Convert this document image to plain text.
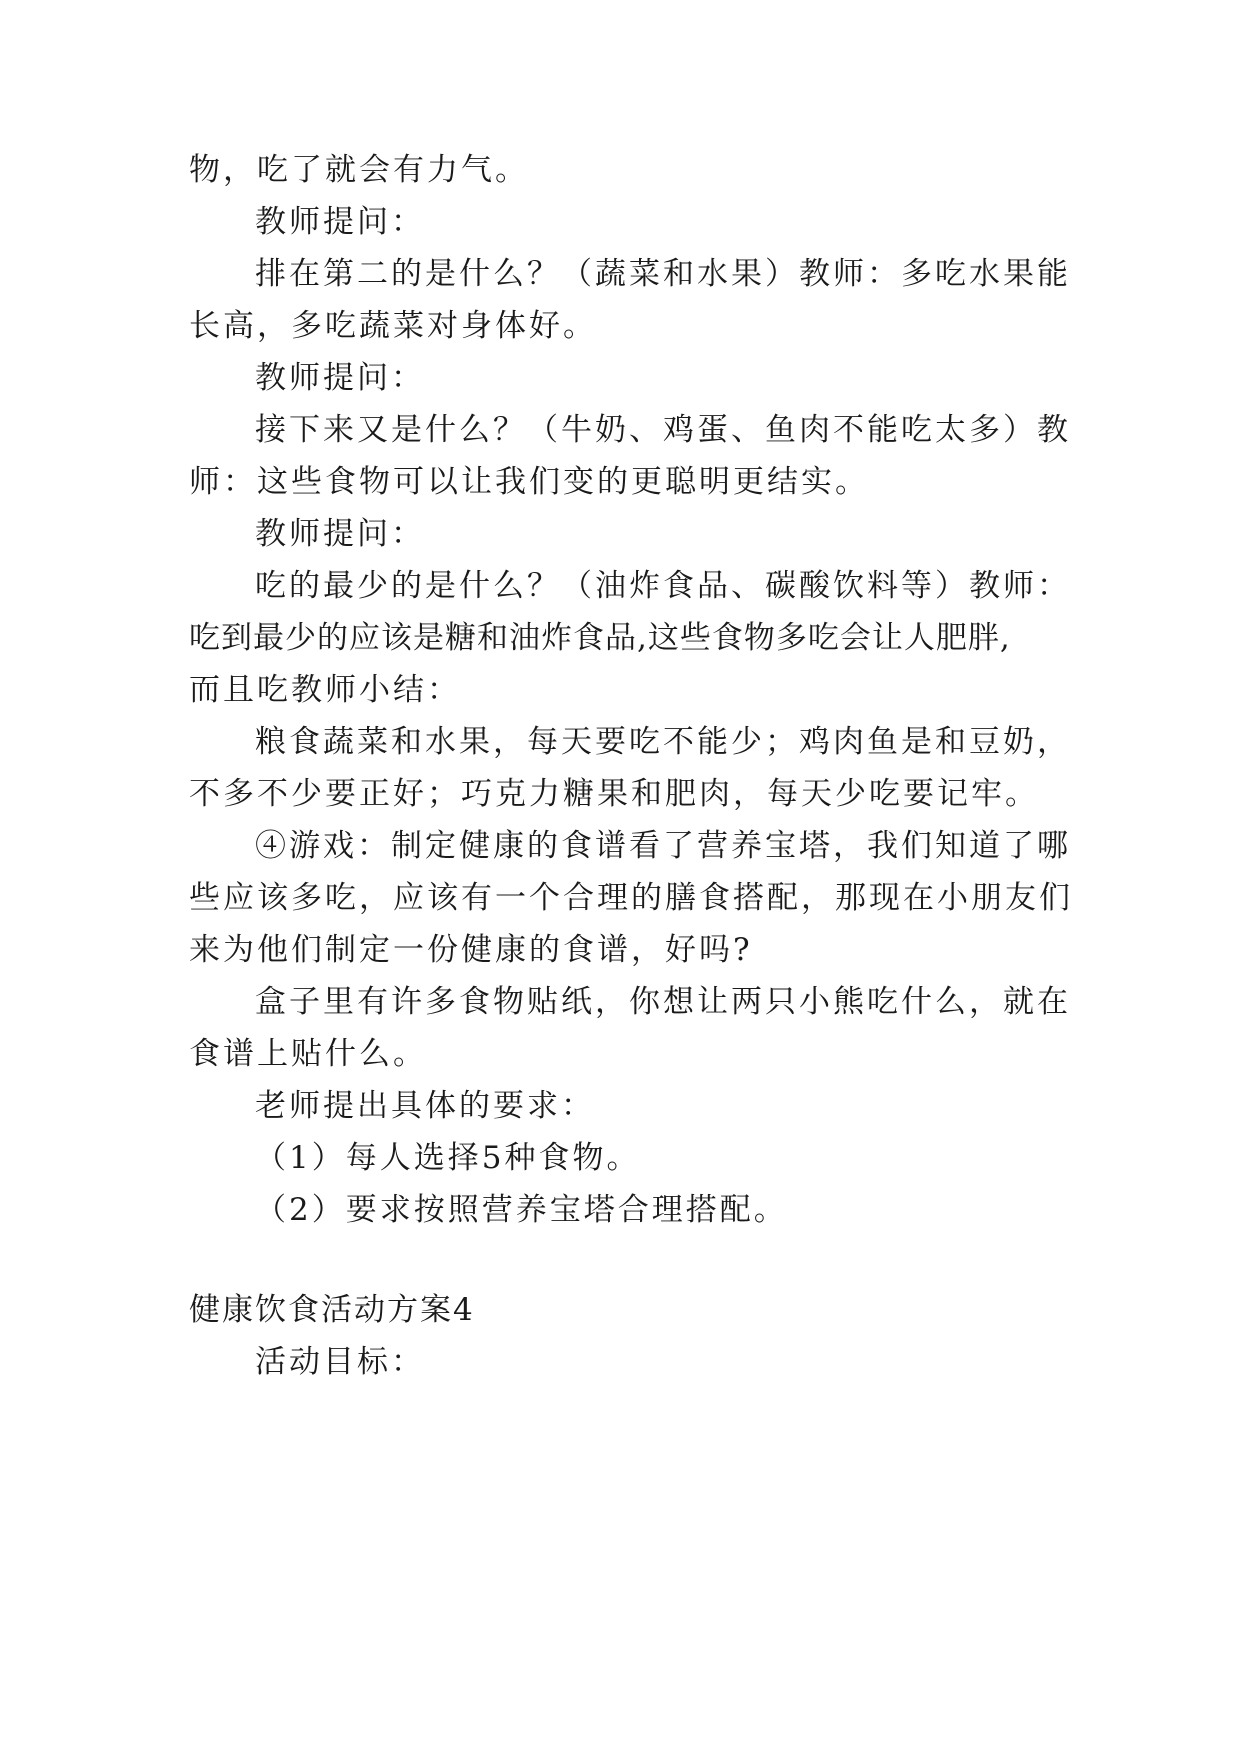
物，吃了就会有力气。
教师提问：
排在第二的是什么？（蔬菜和水果）教师：多吃水果能
长高，多吃蔬菜对身体好。
教师提问：
接下来又是什么？（牛奶、鸡蛋、鱼肉不能吃太多）教
师：这些食物可以让我们变的更聪明更结实。
教师提问：
吃的最少的是什么？（油炸食品、碳酸饮料等）教师：
吃到最少的应该是糖和油炸食品,这些食物多吃会让人肥胖,
而且吃教师小结：
粮食蔬菜和水果，每天要吃不能少；鸡肉鱼是和豆奶，
不多不少要正好；巧克力糖果和肥肉，每天少吃要记牢。
④游戏：制定健康的食谱看了营养宝塔，我们知道了哪
些应该多吃，应该有一个合理的膳食搭配，那现在小朋友们
来为他们制定一份健康的食谱，好吗?
盒子里有许多食物贴纸，你想让两只小熊吃什么，就在
食谱上贴什么。
老师提出具体的要求：
（1）每人选择5种食物。
（2）要求按照营养宝塔合理搭配。
健康饮食活动方案4
活动目标：
